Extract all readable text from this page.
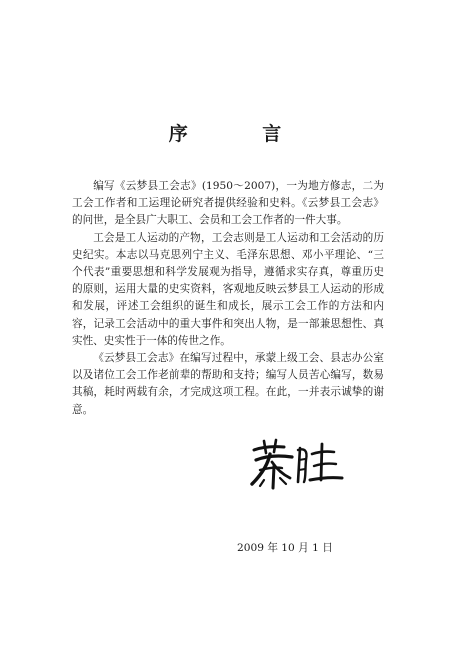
序 言

编写《云梦县工会志》(1950～2007)，一为地方修志，二为工会工作者和工运理论研究者提供经验和史料。《云梦县工会志》的问世，是全县广大职工、会员和工会工作者的一件大事。

工会是工人运动的产物，工会志则是工人运动和工会活动的历史纪实。本志以马克思列宁主义、毛泽东思想、邓小平理论、“三个代表”重要思想和科学发展观为指导，遵循求实存真，尊重历史的原则，运用大量的史实资料，客观地反映云梦县工人运动的形成和发展，评述工会组织的诞生和成长，展示工会工作的方法和内容，记录工会活动中的重大事件和突出人物，是一部兼思想性、真实性、史实性于一体的传世之作。

《云梦县工会志》在编写过程中，承蒙上级工会、县志办公室以及诸位工会工作老前辈的帮助和支持；编写人员苦心编写，数易其稿，耗时两载有余，才完成这项工程。在此，一并表示诚挚的谢意。

2009 年 10 月 1 日
